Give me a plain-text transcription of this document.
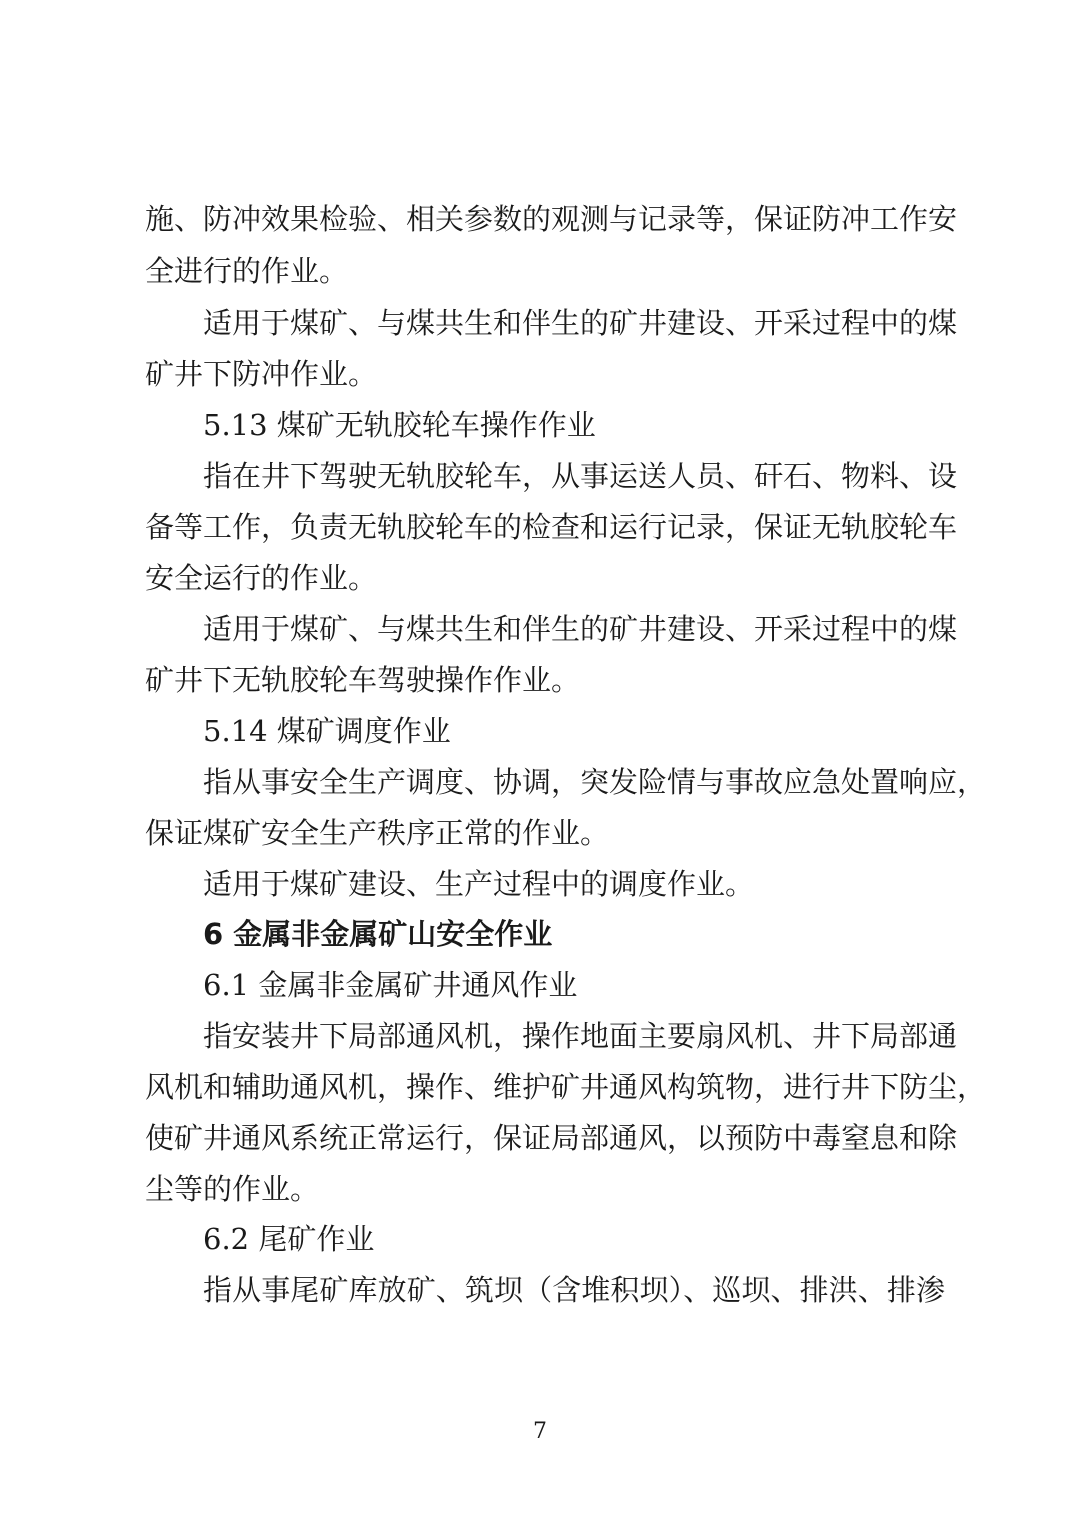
施、防冲效果检验、相关参数的观测与记录等，保证防冲工作安
全进行的作业。
适用于煤矿、与煤共生和伴生的矿井建设、开采过程中的煤
矿井下防冲作业。
5.13 煤矿无轨胶轮车操作作业
指在井下驾驶无轨胶轮车，从事运送人员、矸石、物料、设
备等工作，负责无轨胶轮车的检查和运行记录，保证无轨胶轮车
安全运行的作业。
适用于煤矿、与煤共生和伴生的矿井建设、开采过程中的煤
矿井下无轨胶轮车驾驶操作作业。
5.14 煤矿调度作业
指从事安全生产调度、协调，突发险情与事故应急处置响应，
保证煤矿安全生产秩序正常的作业。
适用于煤矿建设、生产过程中的调度作业。
6 金属非金属矿山安全作业
6.1 金属非金属矿井通风作业
指安装井下局部通风机，操作地面主要扇风机、井下局部通
风机和辅助通风机，操作、维护矿井通风构筑物，进行井下防尘，
使矿井通风系统正常运行，保证局部通风，以预防中毒窒息和除
尘等的作业。
6.2 尾矿作业
指从事尾矿库放矿、筑坝（含堆积坝）、巡坝、排洪、排渗
7
